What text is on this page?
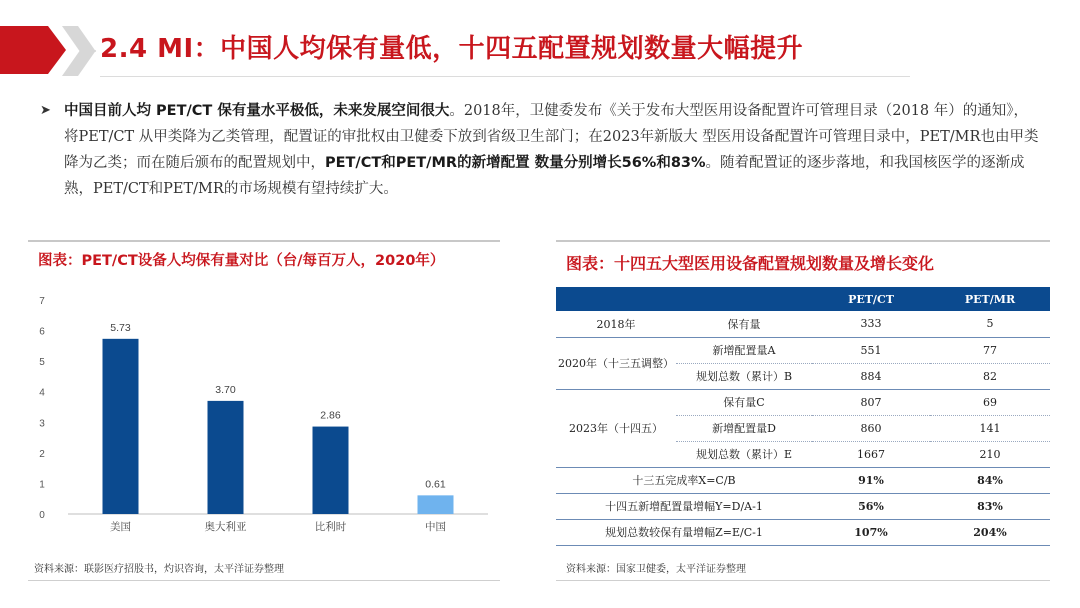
2.4 MI：中国人均保有量低，十四五配置规划数量大幅提升
➤ 中国目前人均 PET/CT 保有量水平极低，未来发展空间很大。2018年，卫健委发布《关于发布大型医用设备配置许可管理目录（2018 年）的通知》，将PET/CT 从甲类降为乙类管理，配置证的审批权由卫健委下放到省级卫生部门；在2023年新版大 型医用设备配置许可管理目录中，PET/MR也由甲类降为乙类；而在随后颁布的配置规划中，PET/CT和PET/MR的新增配置 数量分别增长56%和83%。随着配置证的逐步落地，和我国核医学的逐渐成熟，PET/CT和PET/MR的市场规模有望持续扩大。
图表：PET/CT设备人均保有量对比（台/每百万人，2020年）
0
1
2
3
4
5
6
7
5.73
美国
3.70
奥大利亚
2.86
比利时
0.61
中国
资料来源：联影医疗招股书，灼识咨询，太平洋证券整理
图表：十四五大型医用设备配置规划数量及增长变化
		PET/CT	PET/MR
2018年	保有量	333	5
2020年（十三五调整）	新增配置量A	551	77
	规划总数（累计）B	884	82
2023年（十四五）	保有量C	807	69
	新增配置量D	860	141
	规划总数（累计）E	1667	210
十三五完成率X=C/B		91%	84%
十四五新增配置量增幅Y=D/A-1		56%	83%
规划总数较保有量增幅Z=E/C-1		107%	204%
资料来源：国家卫健委，太平洋证券整理
